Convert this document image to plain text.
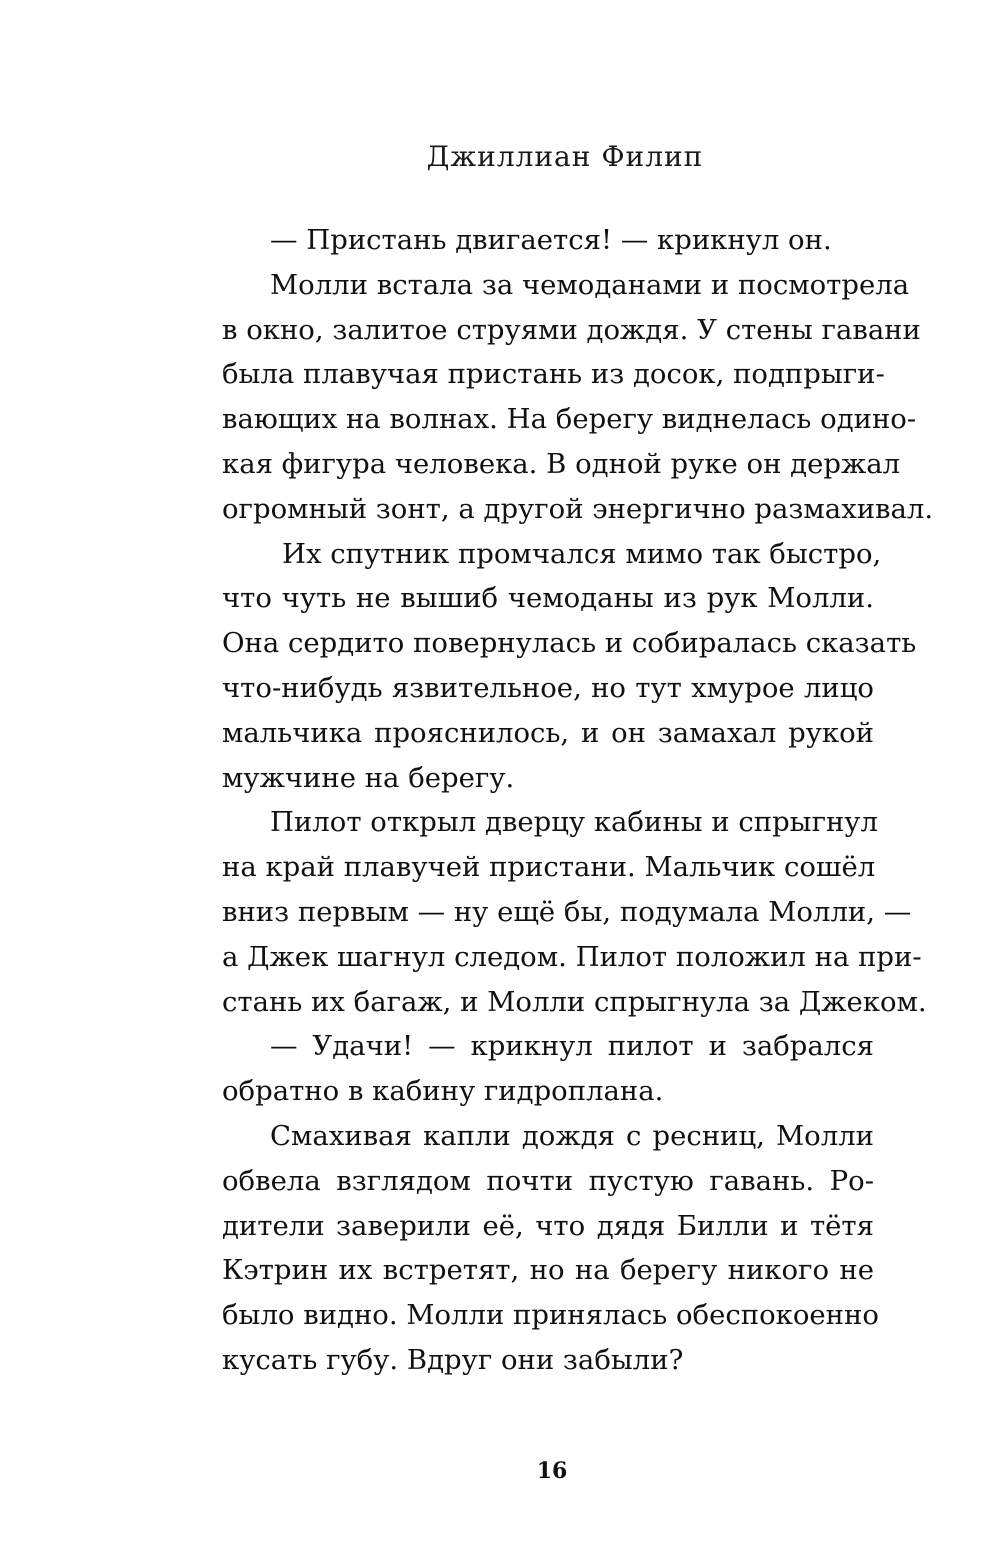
Джиллиан Филип
— Пристань двигается! — крикнул он.
Молли встала за чемоданами и посмотрела
в окно, залитое струями дождя. У стены гавани
была плавучая пристань из досок, подпрыги-
вающих на волнах. На берегу виднелась одино-
кая фигура человека. В одной руке он держал
огромный зонт, а другой энергично размахивал.
Их спутник промчался мимо так быстро,
что чуть не вышиб чемоданы из рук Молли.
Она сердито повернулась и собиралась сказать
что-нибудь язвительное, но тут хмурое лицо
мальчика прояснилось, и он замахал рукой
мужчине на берегу.
Пилот открыл дверцу кабины и спрыгнул
на край плавучей пристани. Мальчик сошёл
вниз первым — ну ещё бы, подумала Молли, —
а Джек шагнул следом. Пилот положил на при-
стань их багаж, и Молли спрыгнула за Джеком.
— Удачи! — крикнул пилот и забрался
обратно в кабину гидроплана.
Смахивая капли дождя с ресниц, Молли
обвела взглядом почти пустую гавань. Ро-
дители заверили её, что дядя Билли и тётя
Кэтрин их встретят, но на берегу никого не
было видно. Молли принялась обеспокоенно
кусать губу. Вдруг они забыли?
16
